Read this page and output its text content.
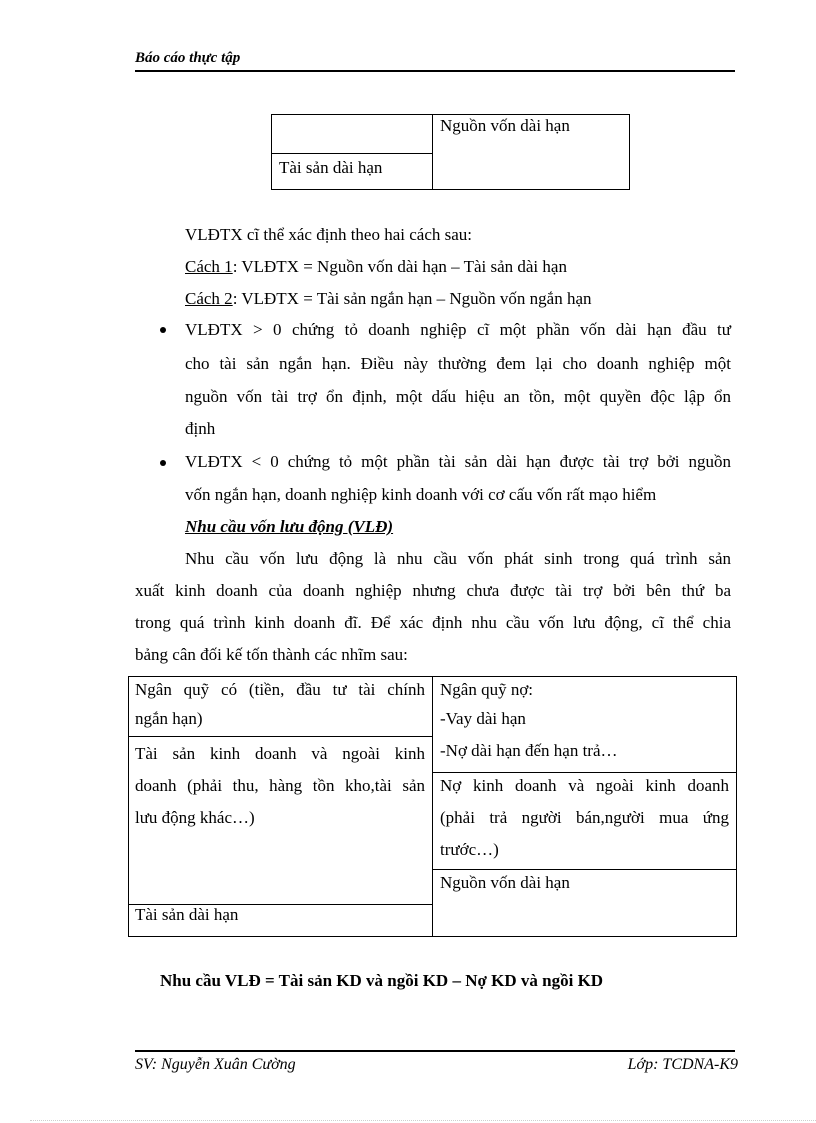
Báo cáo thực tập
Nguồn vốn dài hạn
Tài sản dài hạn
VLĐTX cĩ thể xác định theo hai cách sau:
Cách 1: VLĐTX = Nguồn vốn dài hạn – Tài sản dài hạn
Cách 2: VLĐTX = Tài sản ngắn hạn – Nguồn vốn ngắn hạn
VLĐTX > 0 chứng tỏ doanh nghiệp cĩ một phần vốn dài hạn đầu tư
cho tài sản ngắn hạn. Điều này thường đem lại cho doanh nghiệp một
nguồn vốn tài trợ ổn định, một dấu hiệu an tồn, một quyền độc lập ổn
định
VLĐTX < 0 chứng tỏ một phần tài sản dài hạn được tài trợ bởi nguồn
vốn ngắn hạn, doanh nghiệp kinh doanh với cơ cấu vốn rất mạo hiểm
Nhu cầu vốn lưu động (VLĐ)
Nhu cầu vốn lưu động là nhu cầu vốn phát sinh trong quá trình sản
xuất kinh doanh của doanh nghiệp nhưng chưa được tài trợ bởi bên thứ ba
trong quá trình kinh doanh đĩ. Để xác định nhu cầu vốn lưu động, cĩ thể chia
bảng cân đối kế tốn thành các nhĩm sau:
Ngân quỹ có (tiền, đầu tư tài chính
ngắn hạn)
Tài sản kinh doanh và ngoài kinh
doanh (phải thu, hàng tồn kho,tài sản
lưu động khác…)
Tài sản dài hạn
Ngân quỹ nợ:
-Vay dài hạn
-Nợ dài hạn đến hạn trả…
Nợ kinh doanh và ngoài kinh doanh
(phải trả người bán,người mua ứng
trước…)
Nguồn vốn dài hạn
Nhu cầu VLĐ = Tài sản KD và ngồi KD – Nợ KD và ngồi KD
SV: Nguyễn Xuân Cường	Lớp: TCDNA-K9
